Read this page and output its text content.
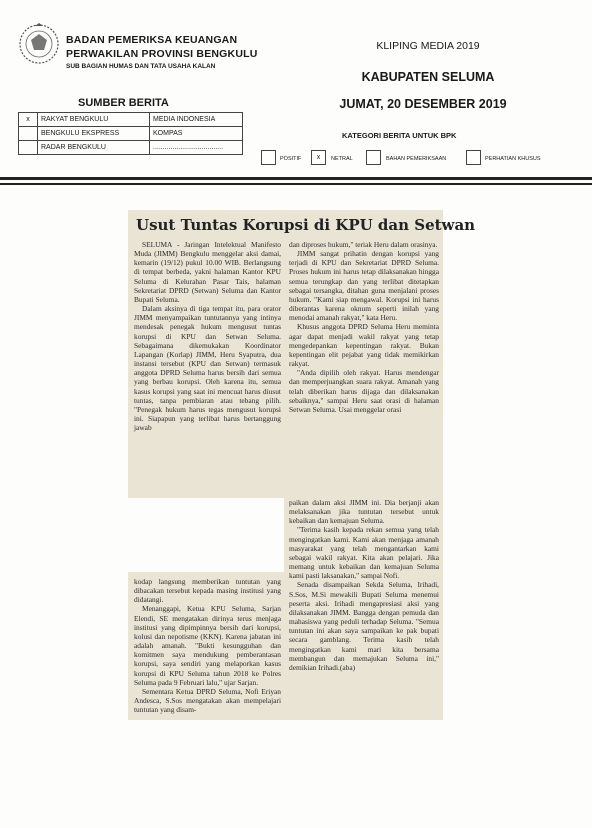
BADAN PEMERIKSA KEUANGAN
PERWAKILAN PROVINSI BENGKULU
SUB BAGIAN HUMAS DAN TATA USAHA KALAN
KLIPING MEDIA 2019
KABUPATEN SELUMA
JUMAT, 20 DESEMBER 2019
SUMBER BERITA
x	RAKYAT BENGKULU	MEDIA INDONESIA
	BENGKULU EKSPRESS	KOMPAS
	RADAR BENGKULU	....................................
KATEGORI BERITA UNTUK BPK
POSITIF	x	NETRAL	BAHAN PEMERIKSAAN	PERHATIAN KHUSUS
Usut Tuntas Korupsi di KPU dan Setwan

SELUMA - Jaringan Intelektual Manifesto Muda (JIMM) Bengkulu menggelar aksi damai, kemarin (19/12) pukul 10.00 WIB. Berlangsung di tempat berbeda, yakni halaman Kantor KPU Seluma di Kelurahan Pasar Tais, halaman Sekretariat DPRD (Setwan) Seluma dan Kantor Bupati Seluma.

Dalam aksinya di tiga tempat itu, para orator JIMM menyampaikan tuntutannya yang intinya mendesak penegak hukum mengusut tuntas korupsi di KPU dan Setwan Seluma. Sebagaimana dikemukakan Koordinator Lapangan (Korlap) JIMM, Heru Syaputra, dua instansi tersebut (KPU dan Setwan) termasuk anggota DPRD Seluma harus bersih dari semua yang berbau korupsi. Oleh karena itu, semua kasus korupsi yang saat ini mencuat harus diusut tuntas, tanpa pembiaran atau tebang pilih. "Penegak hukum harus tegas mengusut korupsi ini. Siapapun yang terlibat harus bertanggung jawab

dan diproses hukum," teriak Heru dalam orasinya.

JIMM sangat prihatin dengan korupsi yang terjadi di KPU dan Sekretariat DPRD Seluma. Proses hukum ini harus tetap dilaksanakan hingga semua terungkap dan yang terlibat ditetapkan sebagai tersangka, ditahan guna menjalani proses hukum. "Kami siap mengawal. Korupsi ini harus diberantas karena oknum seperti inilah yang menodai amanah rakyat," kata Heru.

Khusus anggota DPRD Seluma Heru meminta agar dapat menjadi wakil rakyat yang tetap mengedepankan kepentingan rakyat. Bukan kepentingan elit pejabat yang tidak memikirkan rakyat.

"Anda dipilih oleh rakyat. Harus mendengar dan memperjuangkan suara rakyat. Amanah yang telah diberikan harus dijaga dan dilaksanakan sebaiknya," sampai Heru saat orasi di halaman Setwan Seluma. Usai menggelar orasi

kodap langsung memberikan tuntutan yang dibacakan tersebut kepada masing institusi yang didatangi.

Menanggapi, Ketua KPU Seluma, Sarjan Elendi, SE mengatakan dirinya terus menjaga institusi yang dipimpinnya bersih dari korupsi, kolusi dan nepotisme (KKN). Karena jabatan ini adalah amanah. "Bukti kesungguhan dan komitmen saya mendukung pemberantasan korupsi, saya sendiri yang melaporkan kasus korupsi di KPU Seluma tahun 2018 ke Polres Seluma pada 9 Februari lalu," ujar Sarjan.

Sementara Ketua DPRD Seluma, Nofi Eriyan Andesca, S.Sos mengatakan akan mempelajari tuntutan yang disam-

paikan dalam aksi JIMM ini. Dia berjanji akan melaksanakan jika tuntutan tersebut untuk kebaikan dan kemajuan Seluma.

"Terima kasih kepada rekan semua yang telah mengingatkan kami. Kami akan menjaga amanah masyarakat yang telah mengantarkan kami sebagai wakil rakyat. Kita akan pelajari. Jika memang untuk kebaikan dan kemajuan Seluma kami pasti laksanakan," sampai Nofi.

Senada disampaikan Sekda Seluma, Irihadi, S.Sos, M.Si mewakili Bupati Seluma menemui peserta aksi. Irihadi mengapresiasi aksi yang dilaksanakan JIMM. Bangga dengan pemuda dan mahasiswa yang peduli terhadap Seluma. "Semua tuntutan ini akan saya sampaikan ke pak bupati secara gamblang. Terima kasih telah mengingatkan kami mari kita bersama membangun dan memajukan Seluma ini," demikian Irihadi.(aba)
